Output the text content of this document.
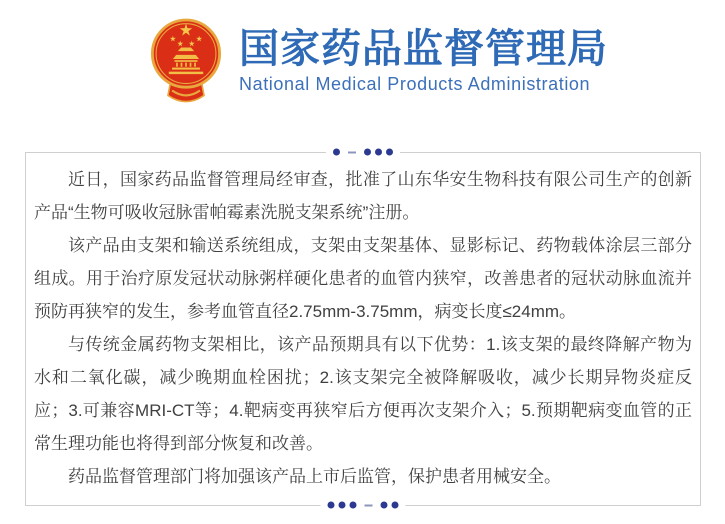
国家药品监督管理局
National Medical Products Administration

近日，国家药品监督管理局经审查，批准了山东华安生物科技有限公司生产的创新产品“生物可吸收冠脉雷帕霉素洗脱支架系统”注册。

该产品由支架和输送系统组成，支架由支架基体、显影标记、药物载体涂层三部分组成。用于治疗原发冠状动脉粥样硬化患者的血管内狭窄，改善患者的冠状动脉血流并预防再狭窄的发生，参考血管直径2.75mm-3.75mm，病变长度≤24mm。

与传统金属药物支架相比，该产品预期具有以下优势：1.该支架的最终降解产物为水和二氧化碳，减少晚期血栓困扰；2.该支架完全被降解吸收，减少长期异物炎症反应；3.可兼容MRI-CT等；4.靶病变再狭窄后方便再次支架介入；5.预期靶病变血管的正常生理功能也将得到部分恢复和改善。

药品监督管理部门将加强该产品上市后监管，保护患者用械安全。
